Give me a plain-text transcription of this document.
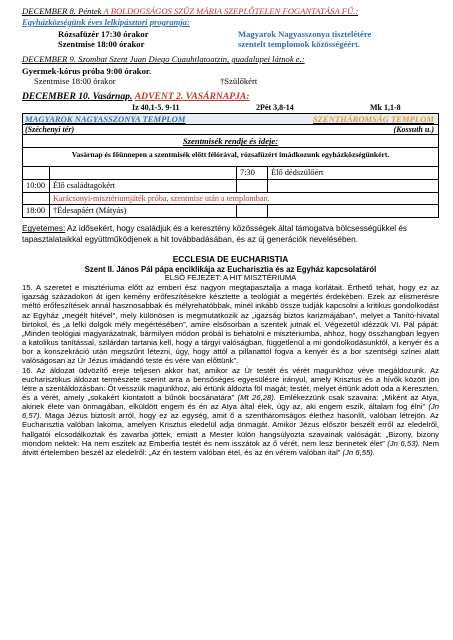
DECEMBER 8. Péntek A BOLDOGSÁGOS SZŰZ MÁRIA SZEPLŐTELEN FOGANTATÁSA FŰ.:
Egyházközségünk éves lelkipásztori programja:
Rózsafüzér 17:30 órakor	Magyarok Nagyasszonya tisztelétére
Szentmise 18:00 órakor	szentelt templomok közösségéért.
DECEMBER 9. Szombat Szent Juan Diego Cuauhtlatoatzin, guadalupei látnok e.:
Gyermek-kórus próba 9:00 órakor.
Szentmise 18:00 órakor	†Szülőkért
DECEMBER 10. Vasárnap. ADVENT 2. VASÁRNAPJA:
Iz 40,1-5. 9-11	2Pét 3,8-14	Mk 1,1-8
MAGYAROK NAGYASSZONYA TEMPLOM	SZENTHÁROMSÁG TEMPLOM
(Széchenyi tér)	(Kossuth u.)
Szentmisék rendje és ideje:
Vasárnap és főünnepen a szentmisék előtt félórával, rózsafüzért imádkozunk egyházközségünkért.
		7:30	Élő dédszülőért
10:00	Élő családtagokért		
	Karácsonyi-misztériumjáték próba, szentmise után a templomban.		
18:00	†Édesapáért (Mátyás)		
Egyetemes: Az idősekért, hogy családjuk és a keresztény közösségek által támogatva bölcsességükkel és tapasztalataikkal együttműködjenek a hit továbbadásában, és az új generációk nevelésében.
ECCLESIA DE EUCHARISTIA
Szent II. János Pál pápa enciklikája az Eucharisztia és az Egyház kapcsolatáról
ELSŐ FEJEZET: A HIT MISZTÉRIUMA
15. A szeretet e misztériuma előtt az emberi ész nagyon megtapasztalja a maga korlátait. Érthető tehát, hogy ez az igazság századokon át igen kemény erőfeszítésekre késztette a teológiát a megértés érdekében. Ezek az elismerésre méltó erőfeszítések annál hasznosabbak és mélyrehatóbbak, minél inkább össze tudják kapcsolni a kritikus gondolkodást az Egyház „megélt hitével”, mely különösen is megmutatkozik az „igazság biztos karizmájában”, melyet a Tanító-hivatal birtokol, és „a lelki dolgok mély megértésében”, amire elsősorban a szentek jutnak el. Végezetül idézzük VI. Pál pápát: „Minden teológiai magyarázatnak, bármilyen módon próbál is behatolni e misztériumba, ahhoz, hogy összhangban legyen a katolikus tanítással, szilárdan tartania kell, hogy a tárgyi valóságban, függetlenül a mi gondolkodásunktól, a kenyér és a bor a konszekráció után megszűnt létezni, úgy, hogy attól a pillanattól fogva a kenyér és a bor szentségi színei alatt valóságosan az Úr Jézus imádandó teste és vére van előttünk”.
16. Az áldozat üdvözítő ereje teljesen akkor hat, amikor az Úr testét és vérét magunkhoz véve megáldozunk. Az eucharisztikus áldozat természete szerint arra a bensőséges egyesülésre irányul, amely Krisztus és a hívők között jön létre a szentáldozásban: Őt vesszük magunkhoz, aki értünk áldozta föl magát; testét, melyet értünk adott oda a Kereszten, és a vérét, amely „sokakért kiontatott a bűnök bocsánatára” (Mt 26,28). Emlékezzünk csak szavaira: „Miként az Atya, akinek élete van önmagában, elküldött engem és én az Atya által élek, úgy az, aki engem eszik, általam fog élni” (Jn 6,57). Maga Jézus biztosít arról, hogy ez az egység, amit ő a szentháromságos élethez hasonlít, valóban létrejön. Az Eucharisztia valóban lakoma, amelyen Krisztus eledelül adja önmagát. Amikor Jézus először beszélt erről az eledelről, hallgatói elcsodálkoztak és zavarba jöttek, emiatt a Mester külön hangsúlyozta szavainak valóságát: „Bizony, bizony mondom nektek: Ha nem eszitek az Emberfia testét és nem isszátok az ő vérét, nem lesz bennetek élet” (Jn 6,53). Nem átvitt értelemben beszél az eledelről: „Az én testem valóban étel, és az én vérem valóban ital” (Jn 6,55).
